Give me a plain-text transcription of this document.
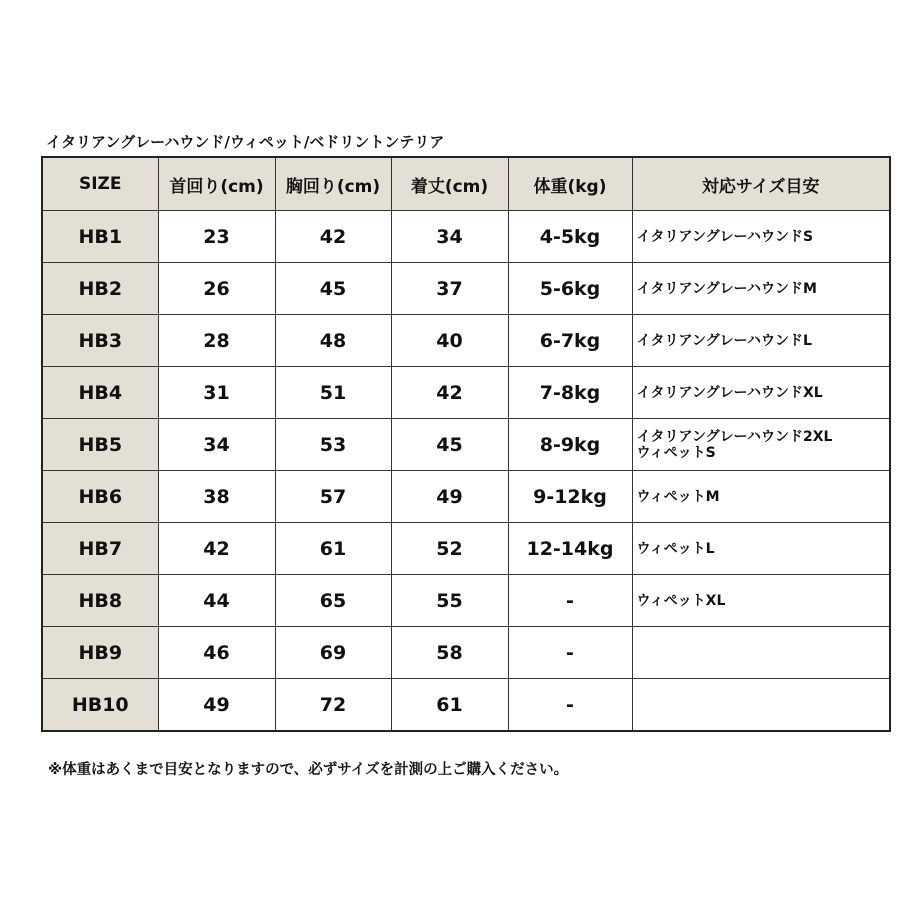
イタリアングレーハウンド/ウィペット/ベドリントンテリア
SIZE	首回り(cm)	胸回り(cm)	着丈(cm)	体重(kg)	対応サイズ目安
HB1	23	42	34	4-5kg	イタリアングレーハウンドS

HB2	26	45	37	5-6kg	イタリアングレーハウンドM

HB3	28	48	40	6-7kg	イタリアングレーハウンドL

HB4	31	51	42	7-8kg	イタリアングレーハウンドXL

HB5	34	53	45	8-9kg	イタリアングレーハウンド2XL
ウィペットS

HB6	38	57	49	9-12kg	ウィペットM

HB7	42	61	52	12-14kg	ウィペットL

HB8	44	65	55	-	ウィペットXL

HB9	46	69	58	-	

HB10	49	72	61	-	
※体重はあくまで目安となりますので、必ずサイズを計測の上ご購入ください。
